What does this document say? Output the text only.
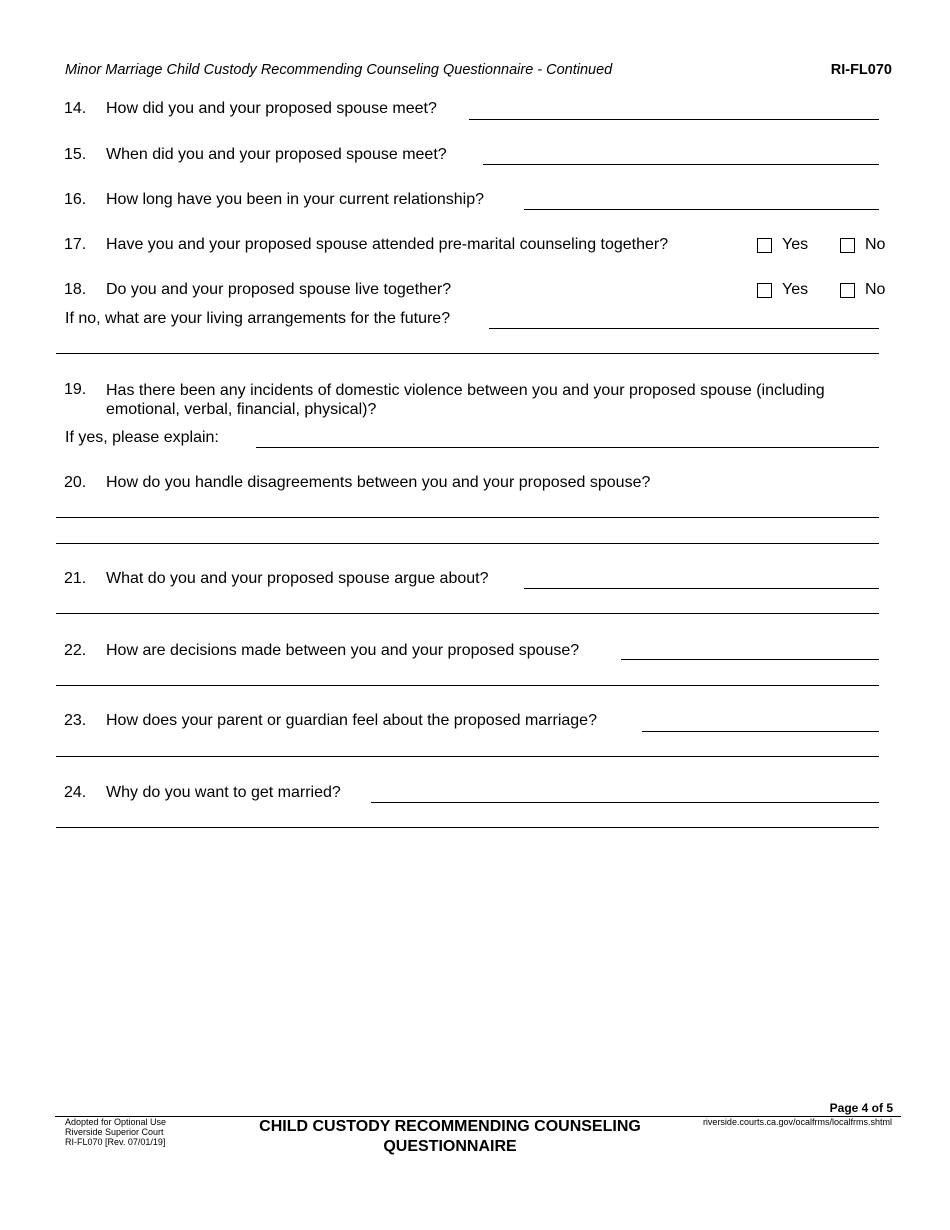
Minor Marriage Child Custody Recommending Counseling Questionnaire - Continued	RI-FL070
14. How did you and your proposed spouse meet?
15. When did you and your proposed spouse meet?
16. How long have you been in your current relationship?
17. Have you and your proposed spouse attended pre-marital counseling together?	Yes	No
18. Do you and your proposed spouse live together?	Yes	No
If no, what are your living arrangements for the future?
19. Has there been any incidents of domestic violence between you and your proposed spouse (including emotional, verbal, financial, physical)?
If yes, please explain:
20. How do you handle disagreements between you and your proposed spouse?
21. What do you and your proposed spouse argue about?
22. How are decisions made between you and your proposed spouse?
23. How does your parent or guardian feel about the proposed marriage?
24. Why do you want to get married?
Page 4 of 5
Adopted for Optional Use
Riverside Superior Court
RI-FL070 [Rev. 07/01/19]
CHILD CUSTODY RECOMMENDING COUNSELING
QUESTIONNAIRE
riverside.courts.ca.gov/ocalfrms/localfrms.shtml
